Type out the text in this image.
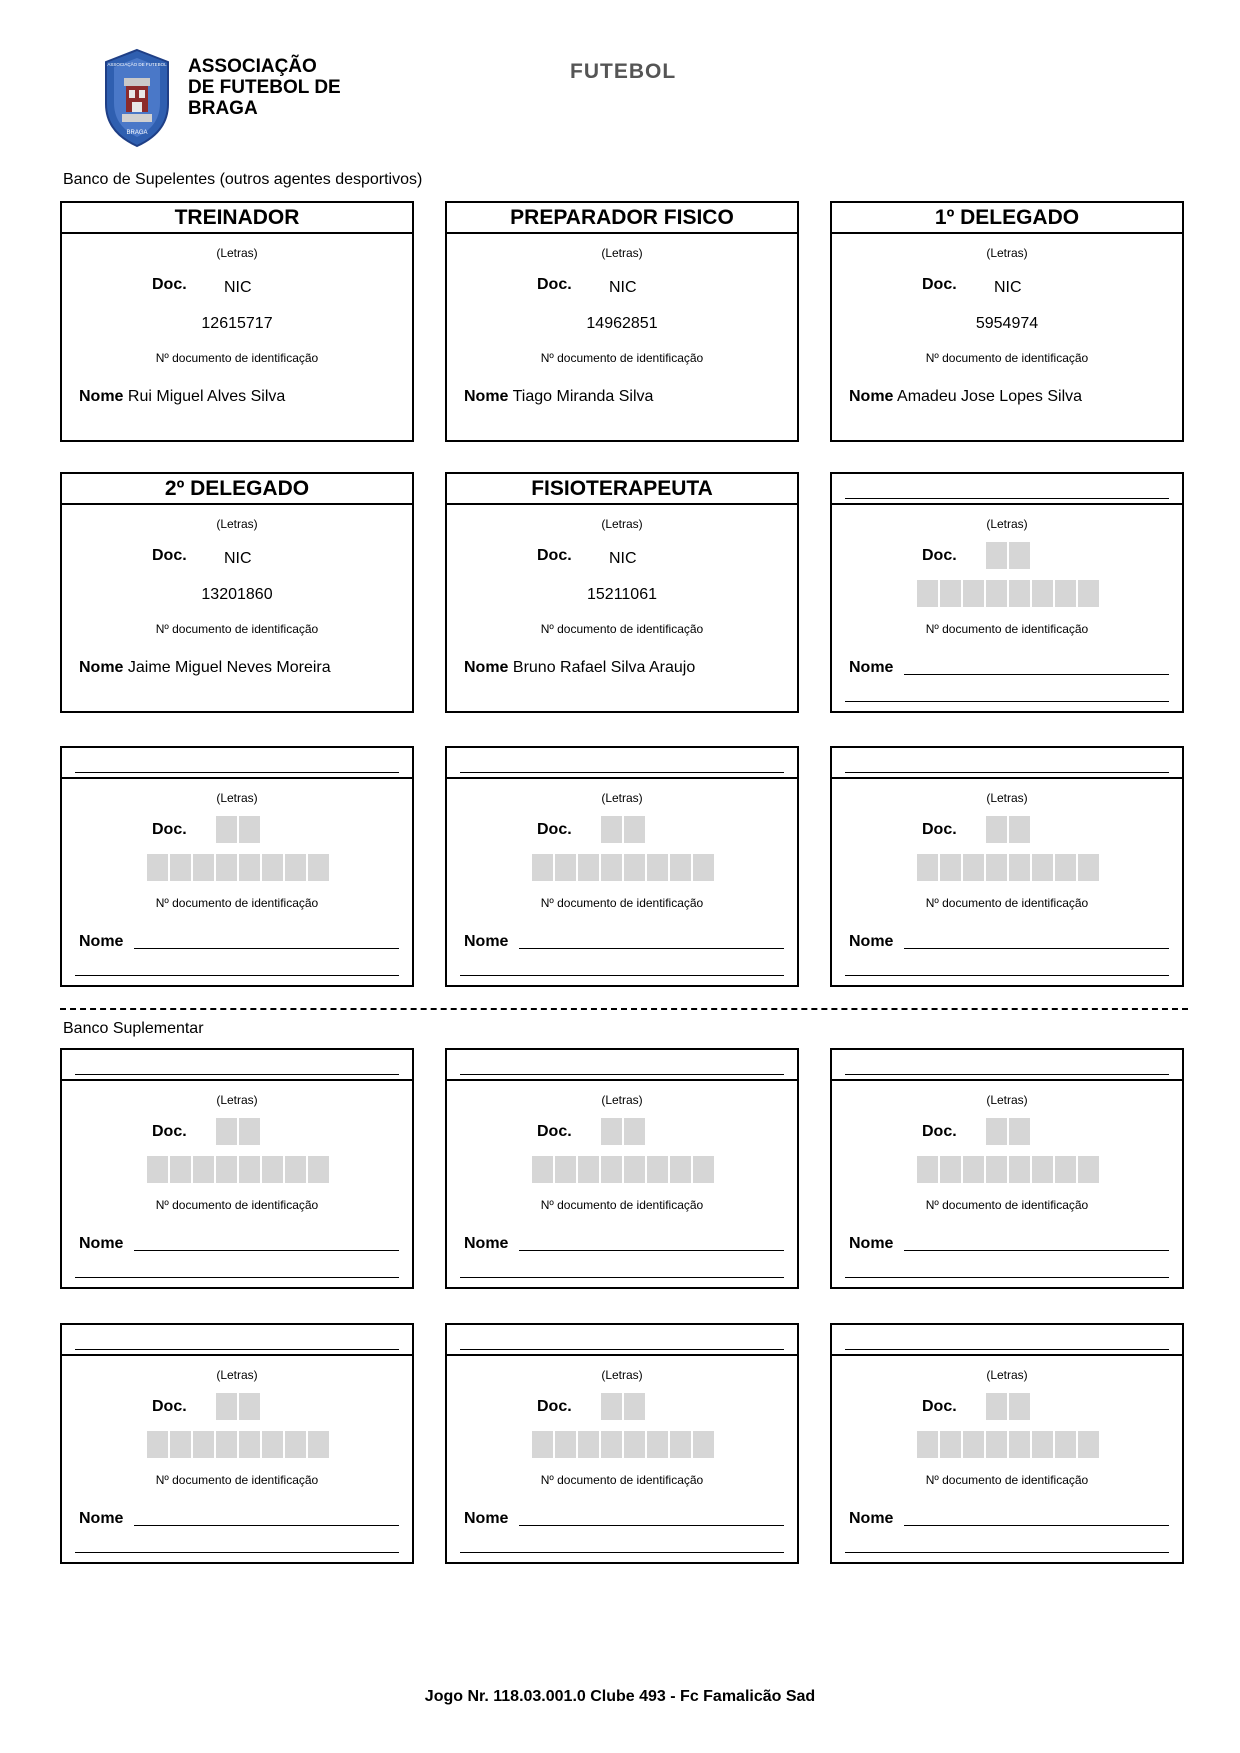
ASSOCIAÇÃO DE FUTEBOL
BRAGA
ASSOCIAÇÃO
DE FUTEBOL DE
BRAGA
FUTEBOL
Banco de Supelentes (outros agentes desportivos)
Banco Suplementar
TREINADOR
(Letras)
Doc. NIC
12615717
Nº documento de identificação
Nome Rui Miguel Alves Silva
PREPARADOR FISICO
(Letras)
Doc. NIC
14962851
Nº documento de identificação
Nome Tiago Miranda Silva
1º DELEGADO
(Letras)
Doc. NIC
5954974
Nº documento de identificação
Nome Amadeu Jose Lopes Silva
2º DELEGADO
(Letras)
Doc. NIC
13201860
Nº documento de identificação
Nome Jaime Miguel Neves Moreira
FISIOTERAPEUTA
(Letras)
Doc. NIC
15211061
Nº documento de identificação
Nome Bruno Rafael Silva Araujo
(Letras)
Doc.
Nº documento de identificação
Nome
(Letras)
Doc.
Nº documento de identificação
Nome
(Letras)
Doc.
Nº documento de identificação
Nome
(Letras)
Doc.
Nº documento de identificação
Nome
(Letras)
Doc.
Nº documento de identificação
Nome
(Letras)
Doc.
Nº documento de identificação
Nome
(Letras)
Doc.
Nº documento de identificação
Nome
(Letras)
Doc.
Nº documento de identificação
Nome
(Letras)
Doc.
Nº documento de identificação
Nome
(Letras)
Doc.
Nº documento de identificação
Nome
Jogo Nr. 118.03.001.0 Clube 493 - Fc Famalicão Sad
